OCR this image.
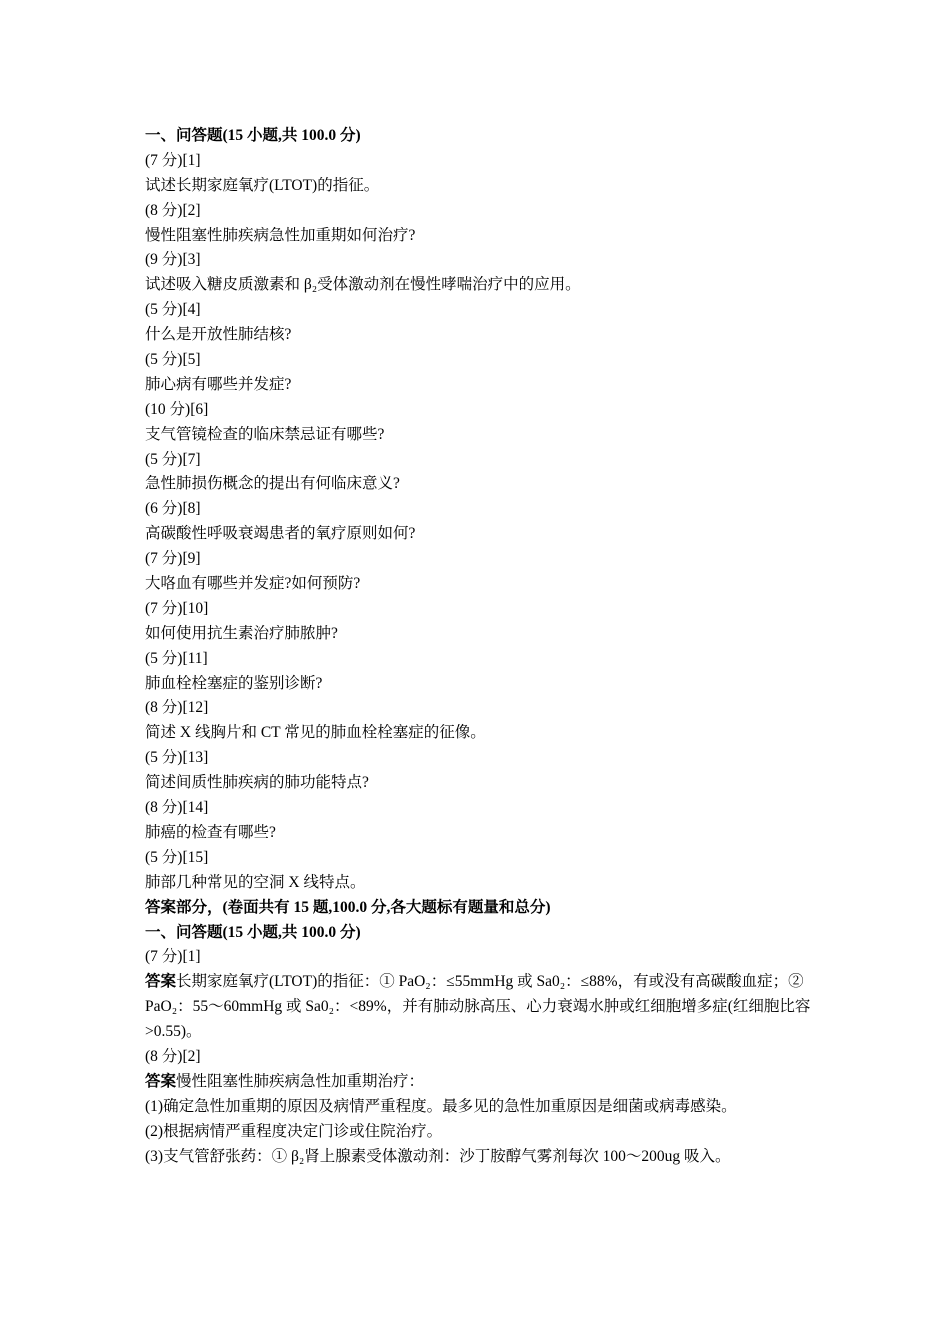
一、问答题(15 小题,共 100.0 分)
(7 分)[1]
试述长期家庭氧疗(LTOT)的指征。
(8 分)[2]
慢性阻塞性肺疾病急性加重期如何治疗?
(9 分)[3]
试述吸入糖皮质激素和 β₂受体激动剂在慢性哮喘治疗中的应用。
(5 分)[4]
什么是开放性肺结核?
(5 分)[5]
肺心病有哪些并发症?
(10 分)[6]
支气管镜检查的临床禁忌证有哪些?
(5 分)[7]
急性肺损伤概念的提出有何临床意义?
(6 分)[8]
高碳酸性呼吸衰竭患者的氧疗原则如何?
(7 分)[9]
大咯血有哪些并发症?如何预防?
(7 分)[10]
如何使用抗生素治疗肺脓肿?
(5 分)[11]
肺血栓栓塞症的鉴别诊断?
(8 分)[12]
简述 X 线胸片和 CT 常见的肺血栓栓塞症的征像。
(5 分)[13]
简述间质性肺疾病的肺功能特点?
(8 分)[14]
肺癌的检查有哪些?
(5 分)[15]
肺部几种常见的空洞 X 线特点。
答案部分，(卷面共有 15 题,100.0 分,各大题标有题量和总分)
一、问答题(15 小题,共 100.0 分)
(7 分)[1]
答案长期家庭氧疗(LTOT)的指征：① PaO₂：≤55mmHg 或 Sa0₂：≤88%，有或没有高碳酸血症；② PaO₂：55～60mmHg 或 Sa0₂：<89%，并有肺动脉高压、心力衰竭水肿或红细胞增多症(红细胞比容>0.55)。
(8 分)[2]
答案慢性阻塞性肺疾病急性加重期治疗：
(1)确定急性加重期的原因及病情严重程度。最多见的急性加重原因是细菌或病毒感染。
(2)根据病情严重程度决定门诊或住院治疗。
(3)支气管舒张药：① β₂肾上腺素受体激动剂：沙丁胺醇气雾剂每次 100～200ug 吸入。
